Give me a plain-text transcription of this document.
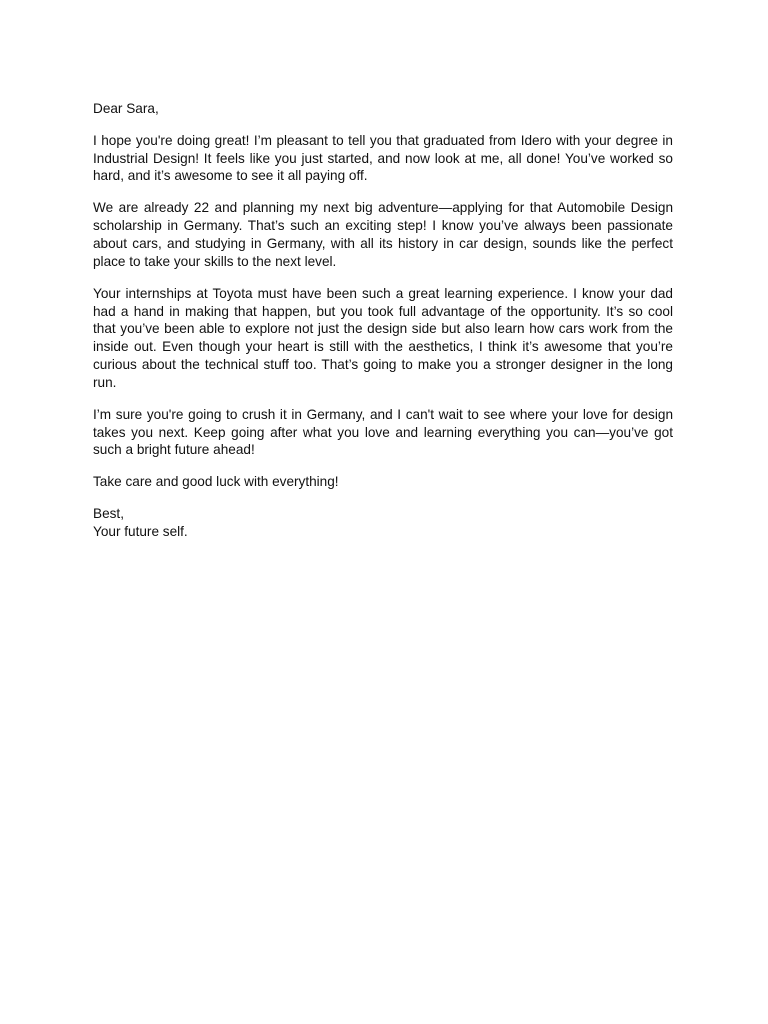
Dear Sara,

I hope you're doing great! I’m pleasant to tell you that graduated from Idero with your degree in Industrial Design! It feels like you just started, and now look at me, all done! You’ve worked so hard, and it’s awesome to see it all paying off.

We are already 22 and planning my next big adventure—applying for that Automobile Design scholarship in Germany. That’s such an exciting step! I know you’ve always been passionate about cars, and studying in Germany, with all its history in car design, sounds like the perfect place to take your skills to the next level.

Your internships at Toyota must have been such a great learning experience. I know your dad had a hand in making that happen, but you took full advantage of the opportunity. It’s so cool that you’ve been able to explore not just the design side but also learn how cars work from the inside out. Even though your heart is still with the aesthetics, I think it’s awesome that you’re curious about the technical stuff too. That’s going to make you a stronger designer in the long run.

I’m sure you're going to crush it in Germany, and I can't wait to see where your love for design takes you next. Keep going after what you love and learning everything you can—you’ve got such a bright future ahead!

Take care and good luck with everything!

Best,
Your future self.
